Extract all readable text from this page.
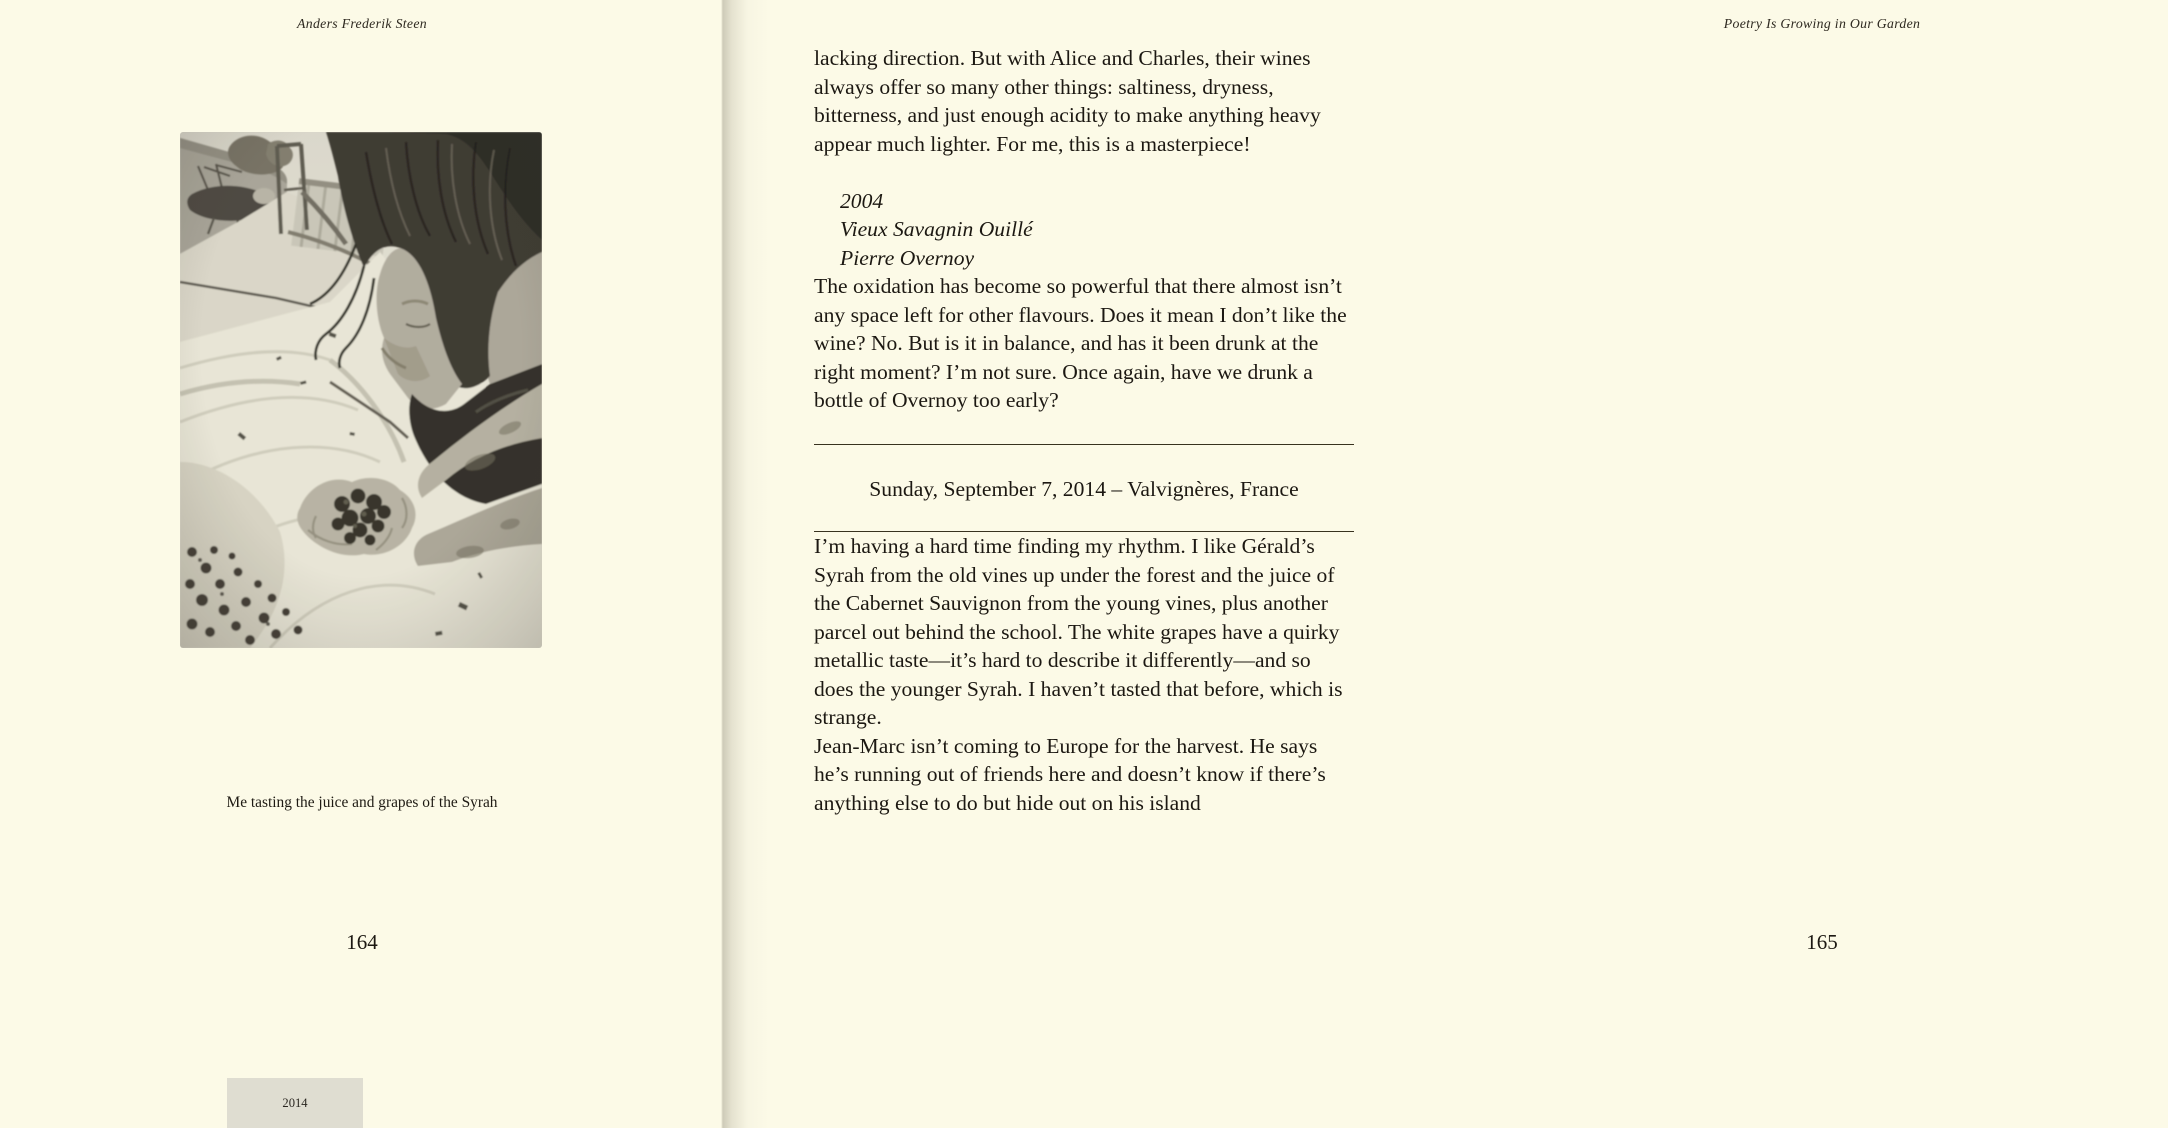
Anders Frederik Steen
Me tasting the juice and grapes of the Syrah
164
2014
Poetry Is Growing in Our Garden
165

lacking direction. But with Alice and Charles, their wines always offer so many other things: saltiness, dryness, bitterness, and just enough acidity to make anything heavy appear much lighter. For me, this is a masterpiece!

2004
Vieux Savagnin Ouillé
Pierre Overnoy

The oxidation has become so powerful that there almost isn’t any space left for other flavours. Does it mean I don’t like the wine? No. But is it in balance, and has it been drunk at the right moment? I’m not sure. Once again, have we drunk a bottle of Overnoy too early?

Sunday, September 7, 2014 – Valvignères, France

I’m having a hard time finding my rhythm. I like Gérald’s Syrah from the old vines up under the forest and the juice of the Cabernet Sauvignon from the young vines, plus another parcel out behind the school. The white grapes have a quirky metallic taste—it’s hard to describe it differently—and so does the younger Syrah. I haven’t tasted that before, which is strange.

Jean-Marc isn’t coming to Europe for the harvest. He says he’s running out of friends here and doesn’t know if there’s anything else to do but hide out on his island
